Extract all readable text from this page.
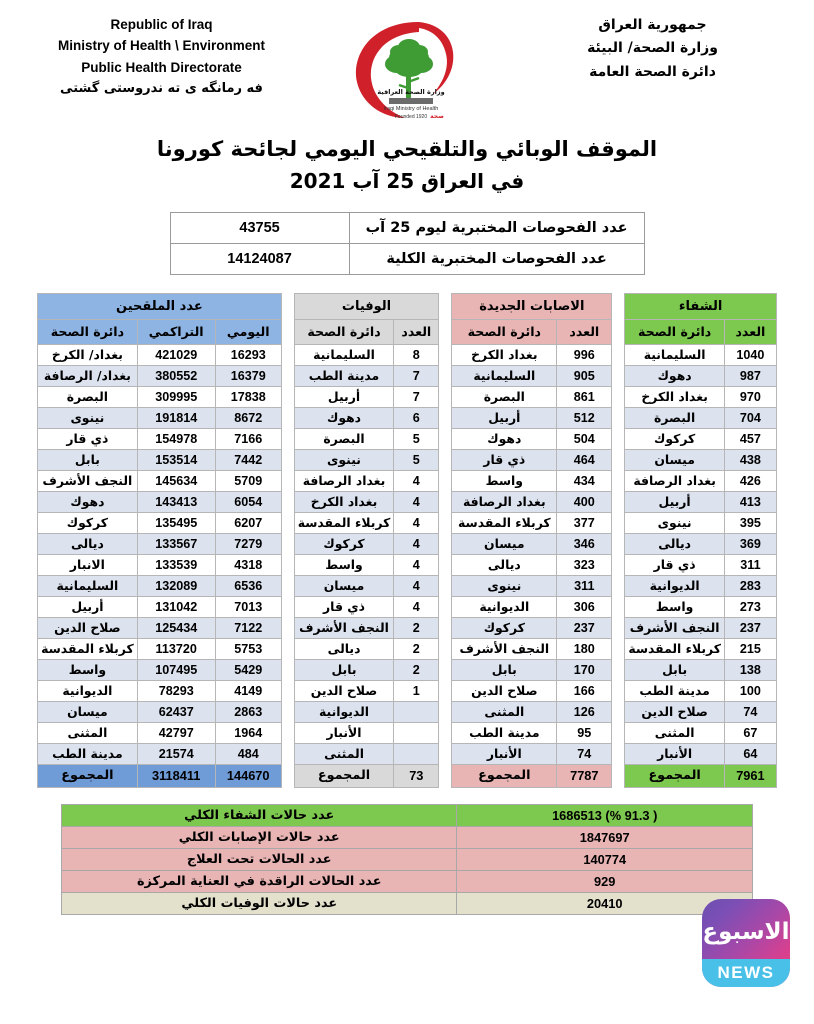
جمهورية العراق
وزارة الصحة/ البيئة
دائرة الصحة العامة
وزارة الصحة العراقية
Iraqi Ministry of Health
Founded 1920 صحة
Republic of Iraq
Ministry of Health \ Environment
Public Health Directorate
فه رمانگه ی ته ندروستی گشتی
الموقف الوبائي والتلقيحي اليومي لجائحة كورونا
في العراق 25 آب 2021
عدد الفحوصات المختبرية ليوم 25 آب	43755
عدد الفحوصات المختبرية الكلية	14124087
الشفاء	
العدد	دائرة الصحة
1040	السليمانية
987	دهوك
970	بغداد الكرخ
704	البصرة
457	كركوك
438	ميسان
426	بغداد الرصافة
413	أربيل
395	نينوى
369	ديالى
311	ذي قار
283	الديوانية
273	واسط
237	النجف الأشرف
215	كربلاء المقدسة
138	بابل
100	مدينة الطب
74	صلاح الدين
67	المثنى
64	الأنبار
7961	المجموع
الاصابات الجديدة	
العدد	دائرة الصحة
996	بغداد الكرخ
905	السليمانية
861	البصرة
512	أربيل
504	دهوك
464	ذي قار
434	واسط
400	بغداد الرصافة
377	كربلاء المقدسة
346	ميسان
323	ديالى
311	نينوى
306	الديوانية
237	كركوك
180	النجف الأشرف
170	بابل
166	صلاح الدين
126	المثنى
95	مدينة الطب
74	الأنبار
7787	المجموع
الوفيات	
العدد	دائرة الصحة
8	السليمانية
7	مدينة الطب
7	أربيل
6	دهوك
5	البصرة
5	نينوى
4	بغداد الرصافة
4	بغداد الكرخ
4	كربلاء المقدسة
4	كركوك
4	واسط
4	ميسان
4	ذي قار
2	النجف الأشرف
2	ديالى
2	بابل
1	صلاح الدين
	الديوانية
	الأنبار
	المثنى
73	المجموع
عدد الملقحين		
اليومي	التراكمي	دائرة الصحة
16293	421029	بغداد/ الكرخ
16379	380552	بغداد/ الرصافة
17838	309995	البصرة
8672	191814	نينوى
7166	154978	ذي قار
7442	153514	بابل
5709	145634	النجف الأشرف
6054	143413	دهوك
6207	135495	كركوك
7279	133567	ديالى
4318	133539	الانبار
6536	132089	السليمانية
7013	131042	أربيل
7122	125434	صلاح الدين
5753	113720	كربلاء المقدسة
5429	107495	واسط
4149	78293	الديوانية
2863	62437	ميسان
1964	42797	المثنى
484	21574	مدينة الطب
144670	3118411	المجموع
1686513 (% 91.3 )	عدد حالات الشفاء الكلي
1847697	عدد حالات الإصابات الكلي
140774	عدد الحالات تحت العلاج
929	عدد الحالات الراقدة في العناية المركزة
20410	عدد حالات الوفيات الكلي
الاسبوع
NEWS
